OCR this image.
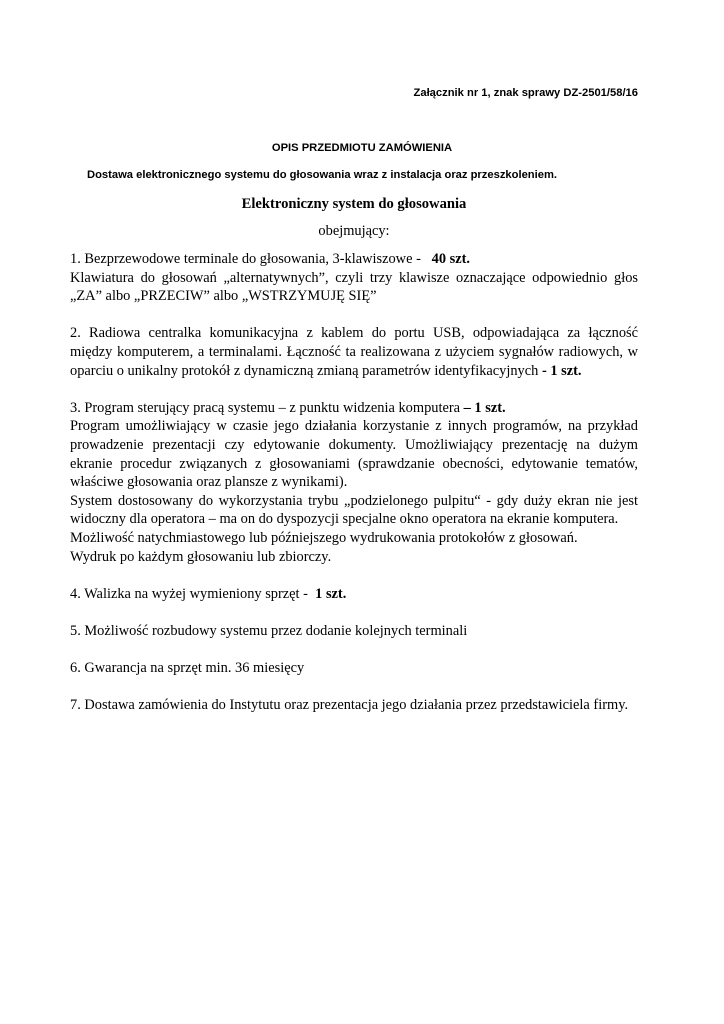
Załącznik nr 1, znak sprawy DZ-2501/58/16
OPIS PRZEDMIOTU ZAMÓWIENIA
Dostawa elektronicznego systemu do głosowania wraz z instalacja oraz przeszkoleniem.
Elektroniczny system do głosowania
obejmujący:
1. Bezprzewodowe terminale do głosowania, 3-klawiszowe - 40 szt.
Klawiatura do głosowań „alternatywnych”, czyli trzy klawisze oznaczające odpowiednio głos
„ZA” albo „PRZECIW” albo „WSTRZYMUJĘ SIĘ”
2. Radiowa centralka komunikacyjna z kablem do portu USB, odpowiadająca za łączność
między komputerem, a terminalami. Łączność ta realizowana z użyciem sygnałów radiowych, w
oparciu o unikalny protokół z dynamiczną zmianą parametrów identyfikacyjnych - 1 szt.
3. Program sterujący pracą systemu – z punktu widzenia komputera – 1 szt.
Program umożliwiający w czasie jego działania korzystanie z innych programów, na przykład
prowadzenie prezentacji czy edytowanie dokumenty. Umożliwiający prezentację na dużym
ekranie procedur związanych z głosowaniami (sprawdzanie obecności, edytowanie tematów,
właściwe głosowania oraz plansze z wynikami).
System dostosowany do wykorzystania trybu „podzielonego pulpitu“ - gdy duży ekran nie jest
widoczny dla operatora – ma on do dyspozycji specjalne okno operatora na ekranie komputera.
Możliwość natychmiastowego lub późniejszego wydrukowania protokołów z głosowań.
Wydruk po każdym głosowaniu lub zbiorczy.
4. Walizka na wyżej wymieniony sprzęt - 1 szt.
5. Możliwość rozbudowy systemu przez dodanie kolejnych terminali
6. Gwarancja na sprzęt min. 36 miesięcy
7. Dostawa zamówienia do Instytutu oraz prezentacja jego działania przez przedstawiciela firmy.
